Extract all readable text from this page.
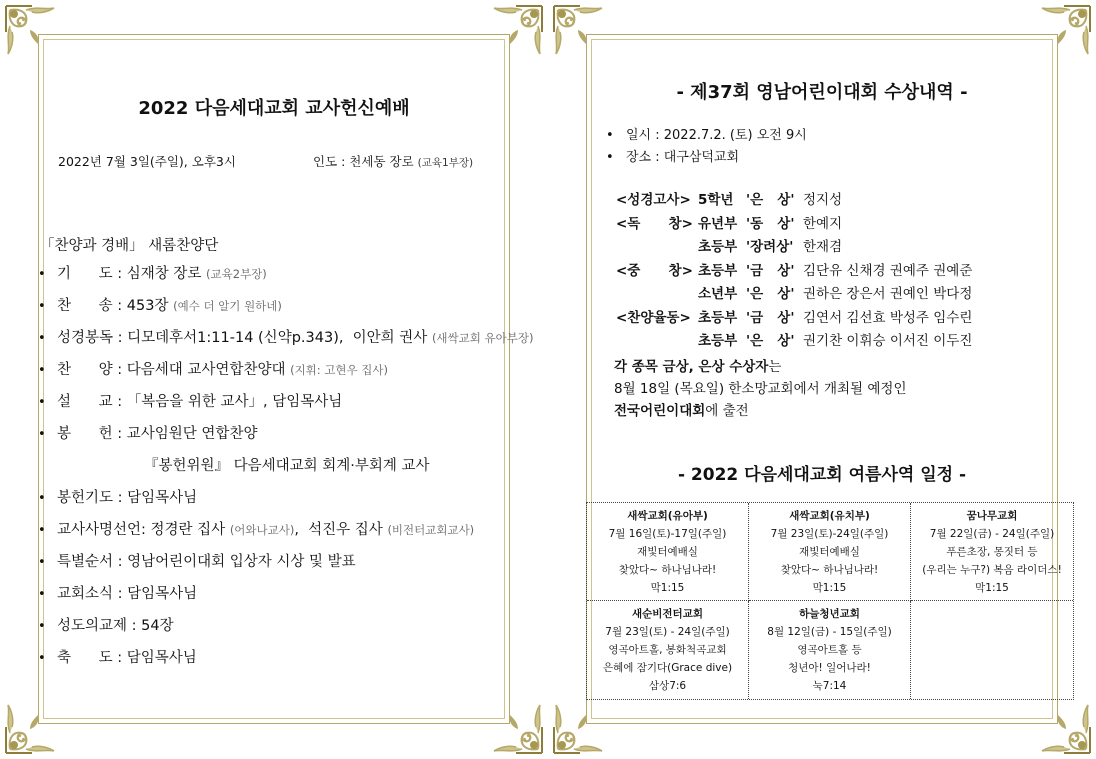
2022 다음세대교회 교사헌신예배
2022년 7월 3일(주일), 오후3시	인도 : 천세동 장로 (교육1부장)
「찬양과 경배」 새롬찬양단
• 기      도 : 심재창 장로 (교육2부장)
• 찬      송 : 453장 (예수 더 알기 원하네)
• 성경봉독 : 디모데후서1:11-14 (신약p.343),  이안희 권사 (새싹교회 유아부장)
• 찬      양 : 다음세대 교사연합찬양대 (지휘: 고현우 집사)
• 설      교 : 「복음을 위한 교사」, 담임목사님
• 봉      헌 : 교사임원단 연합찬양
『봉헌위원』 다음세대교회 회계·부회계 교사
• 봉헌기도 : 담임목사님
• 교사사명선언: 정경란 집사 (어와나교사),  석진우 집사 (비전터교회교사)
• 특별순서 : 영남어린이대회 입상자 시상 및 발표
• 교회소식 : 담임목사님
• 성도의교제 : 54장
• 축      도 : 담임목사님
- 제37회 영남어린이대회 수상내역 -
• 일시 : 2022.7.2. (토) 오전 9시
• 장소 : 대구삼덕교회
<성경고사> 5학년 '은   상' 정지성
<독      창> 유년부 '동   상' 한예지
초등부 '장려상' 한재겸
<중      창> 초등부 '금   상' 김단유 신채경 권예주 권예준
소년부 '은   상' 권하은 장은서 권예인 박다정
<찬양율동> 초등부 '금   상' 김연서 김선효 박성주 임수린
초등부 '은   상' 권기찬 이휘승 이서진 이두진
각 종목 금상, 은상 수상자는
8월 18일 (목요일) 한소망교회에서 개최될 예정인
전국어린이대회에 출전
- 2022 다음세대교회 여름사역 일정 -
새싹교회(유아부)
7월 16일(토)-17일(주일)
재빛터예배실
찾았다~ 하나님나라!
막1:15
새싹교회(유치부)
7월 23일(토)-24일(주일)
재빛터예배실
찾았다~ 하나님나라!
막1:15
꿈나무교회
7월 22일(금) - 24일(주일)
푸른초장, 몽짓터 등
(우리는 누구?) 복음 라이더스!
막1:15
새순비전터교회
7월 23일(토) - 24일(주일)
영곡아트홀, 봉화척곡교회
은혜에 잠기다(Grace dive)
삼상7:6
하늘청년교회
8월 12일(금) - 15일(주일)
영곡아트홀 등
청년아! 일어나라!
눅7:14
